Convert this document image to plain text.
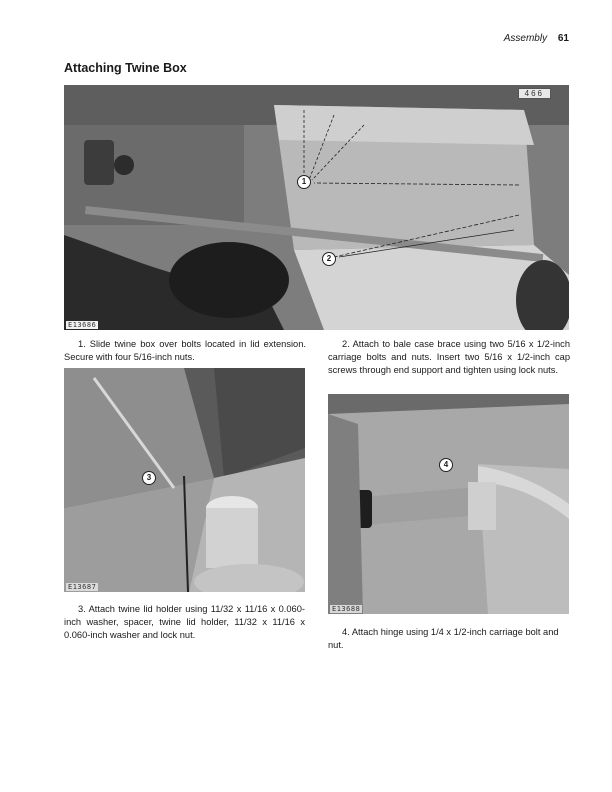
Assembly 61
Attaching Twine Box
466
1
2
E13686

1. Slide twine box over bolts located in lid extension. Secure with four 5/16-inch nuts.

2. Attach to bale case brace using two 5/16 x 1/2-inch carriage bolts and nuts. Insert two 5/16 x 1/2-inch cap screws through end support and tighten using lock nuts.

3
E13687
4
E13688

3. Attach twine lid holder using 11/32 x 11/16 x 0.060-inch washer, spacer, twine lid holder, 11/32 x 11/16 x 0.060-inch washer and lock nut.	4. Attach hinge using 1/4 x 1/2-inch carriage bolt and nut.
